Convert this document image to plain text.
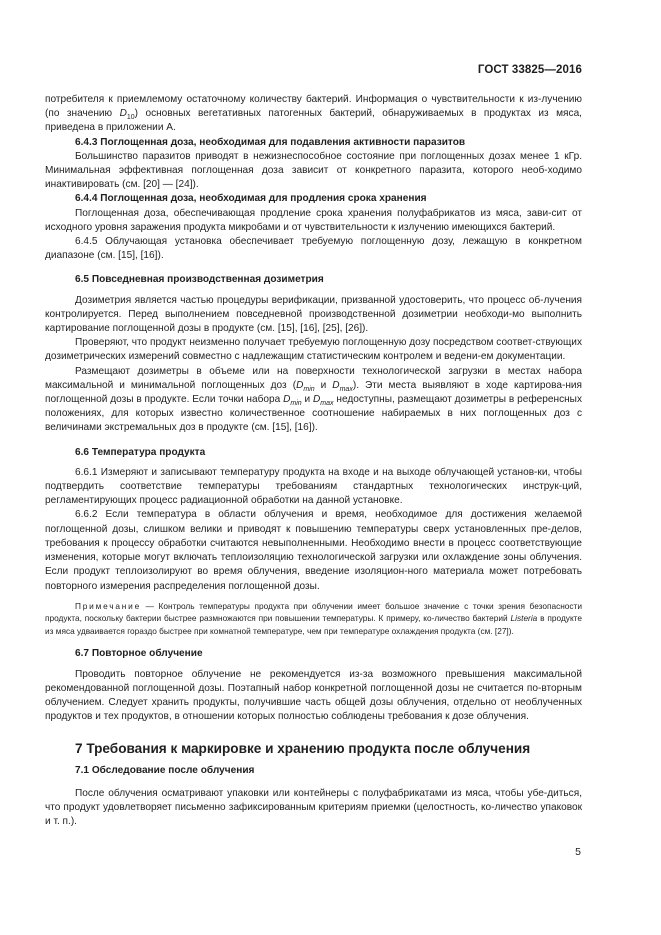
ГОСТ 33825—2016

потребителя к приемлемому остаточному количеству бактерий. Информация о чувствительности к из-лучению (по значению $D_{10}$) основных вегетативных патогенных бактерий, обнаруживаемых в продуктах из мяса, приведена в приложении А.

6.4.3 Поглощенная доза, необходимая для подавления активности паразитов

Большинство паразитов приводят в нежизнеспособное состояние при поглощенных дозах менее 1 кГр. Минимальная эффективная поглощенная доза зависит от конкретного паразита, которого необ-ходимо инактивировать (см. [20] — [24]).

6.4.4 Поглощенная доза, необходимая для продления срока хранения

Поглощенная доза, обеспечивающая продление срока хранения полуфабрикатов из мяса, зави-сит от исходного уровня заражения продукта микробами и от чувствительности к излучению имеющихся бактерий.

6.4.5 Облучающая установка обеспечивает требуемую поглощенную дозу, лежащую в конкретном диапазоне (см. [15], [16]).

6.5 Повседневная производственная дозиметрия

Дозиметрия является частью процедуры верификации, призванной удостоверить, что процесс об-лучения контролируется. Перед выполнением повседневной производственной дозиметрии необходи-мо выполнить картирование поглощенной дозы в продукте (см. [15], [16], [25], [26]).

Проверяют, что продукт неизменно получает требуемую поглощенную дозу посредством соответ-ствующих дозиметрических измерений совместно с надлежащим статистическим контролем и ведени-ем документации.

Размещают дозиметры в объеме или на поверхности технологической загрузки в местах набора максимальной и минимальной поглощенных доз ($D_{min}$ и $D_{max}$). Эти места выявляют в ходе картирова-ния поглощенной дозы в продукте. Если точки набора $D_{min}$ и $D_{max}$ недоступны, размещают дозиметры в референсных положениях, для которых известно количественное соотношение набираемых в них поглощенных доз с величинами экстремальных доз в продукте (см. [15], [16]).

6.6 Температура продукта

6.6.1 Измеряют и записывают температуру продукта на входе и на выходе облучающей установ-ки, чтобы подтвердить соответствие температуры требованиям стандартных технологических инструк-ций, регламентирующих процесс радиационной обработки на данной установке.

6.6.2 Если температура в области облучения и время, необходимое для достижения желаемой поглощенной дозы, слишком велики и приводят к повышению температуры сверх установленных пре-делов, требования к процессу обработки считаются невыполненными. Необходимо внести в процесс соответствующие изменения, которые могут включать теплоизоляцию технологической загрузки или охлаждение зоны облучения. Если продукт теплоизолируют во время облучения, введение изоляцион-ного материала может потребовать повторного измерения распределения поглощенной дозы.

Примечание — Контроль температуры продукта при облучении имеет большое значение с точки зрения безопасности продукта, поскольку бактерии быстрее размножаются при повышении температуры. К примеру, ко-личество бактерий Listeria в продукте из мяса удваивается гораздо быстрее при комнатной температуре, чем при температуре охлаждения продукта (см. [27]).

6.7 Повторное облучение

Проводить повторное облучение не рекомендуется из-за возможного превышения максимальной рекомендованной поглощенной дозы. Поэтапный набор конкретной поглощенной дозы не считается по-вторным облучением. Следует хранить продукты, получившие часть общей дозы облучения, отдельно от необлученных продуктов и тех продуктов, в отношении которых полностью соблюдены требования к дозе облучения.

7 Требования к маркировке и хранению продукта после облучения

7.1 Обследование после облучения

После облучения осматривают упаковки или контейнеры с полуфабрикатами из мяса, чтобы убе-диться, что продукт удовлетворяет письменно зафиксированным критериям приемки (целостность, ко-личество упаковок и т. п.).

5
